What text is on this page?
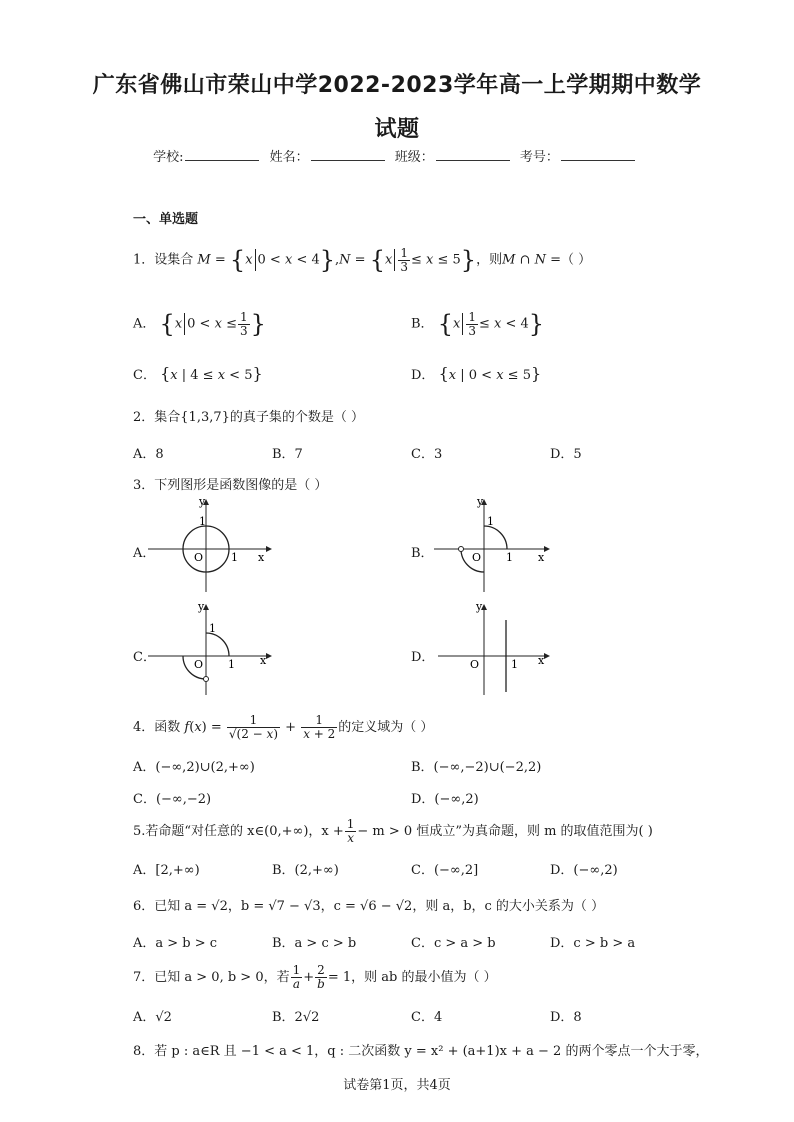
广东省佛山市荣山中学2022-2023学年高一上学期期中数学
试题
学校:	姓名：	班级：	考号：
一、单选题
1．设集合 M = {x $0 < x < 4\},N = \{x \frac{1}{3} \le x \le 5\}$，则M ∩ N =（ ）
A． {x $0 < x \le \frac{1}{3}$ }	B． $\{x \frac{1}{3} \le x < 4\}$
C． {x | 4 ≤ x < 5}	D． {x | 0 < x ≤ 5}
2．集合{1,3,7}的真子集的个数是（ ）
A．8	B．7	C．3	D．5
3．下列图形是函数图像的是（ ）
A．
y
x
O
1
1	B．
y
x
O
1
1
C．
y
x
O
1
1	D．
y
x
O	1
4．函数 $f(x) = \frac{1}{√(2 - x)} + \frac{1}{x + 2}$ 的定义域为（ ）
A．(−∞,2)∪(2,+∞)	B．(−∞,−2)∪(−2,2)
C．(−∞,−2)	D．(−∞,2)
5.若命题“对任意的 x∈(0,+∞)，$x + \frac{1}{x} - m > 0$ 恒成立”为真命题，则 m 的取值范围为( )
A．[2,+∞)	B．(2,+∞)	C．(−∞,2]	D．(−∞,2)
6．已知 a = √2，b = √7 − √3，c = √6 − √2，则 a，b，c 的大小关系为（ ）
A．a > b > c	B．a > c > b	C．c > a > b	D．c > b > a
7．已知 a > 0, b > 0，若 $\frac{1}{a} + \frac{2}{b} = 1$，则 ab 的最小值为（ ）
A．√2	B．2√2	C．4	D．8
8．若 p : a∈R 且 −1 < a < 1，q : 二次函数 y = x² + (a+1)x + a − 2 的两个零点一个大于零，
试卷第1页，共4页
